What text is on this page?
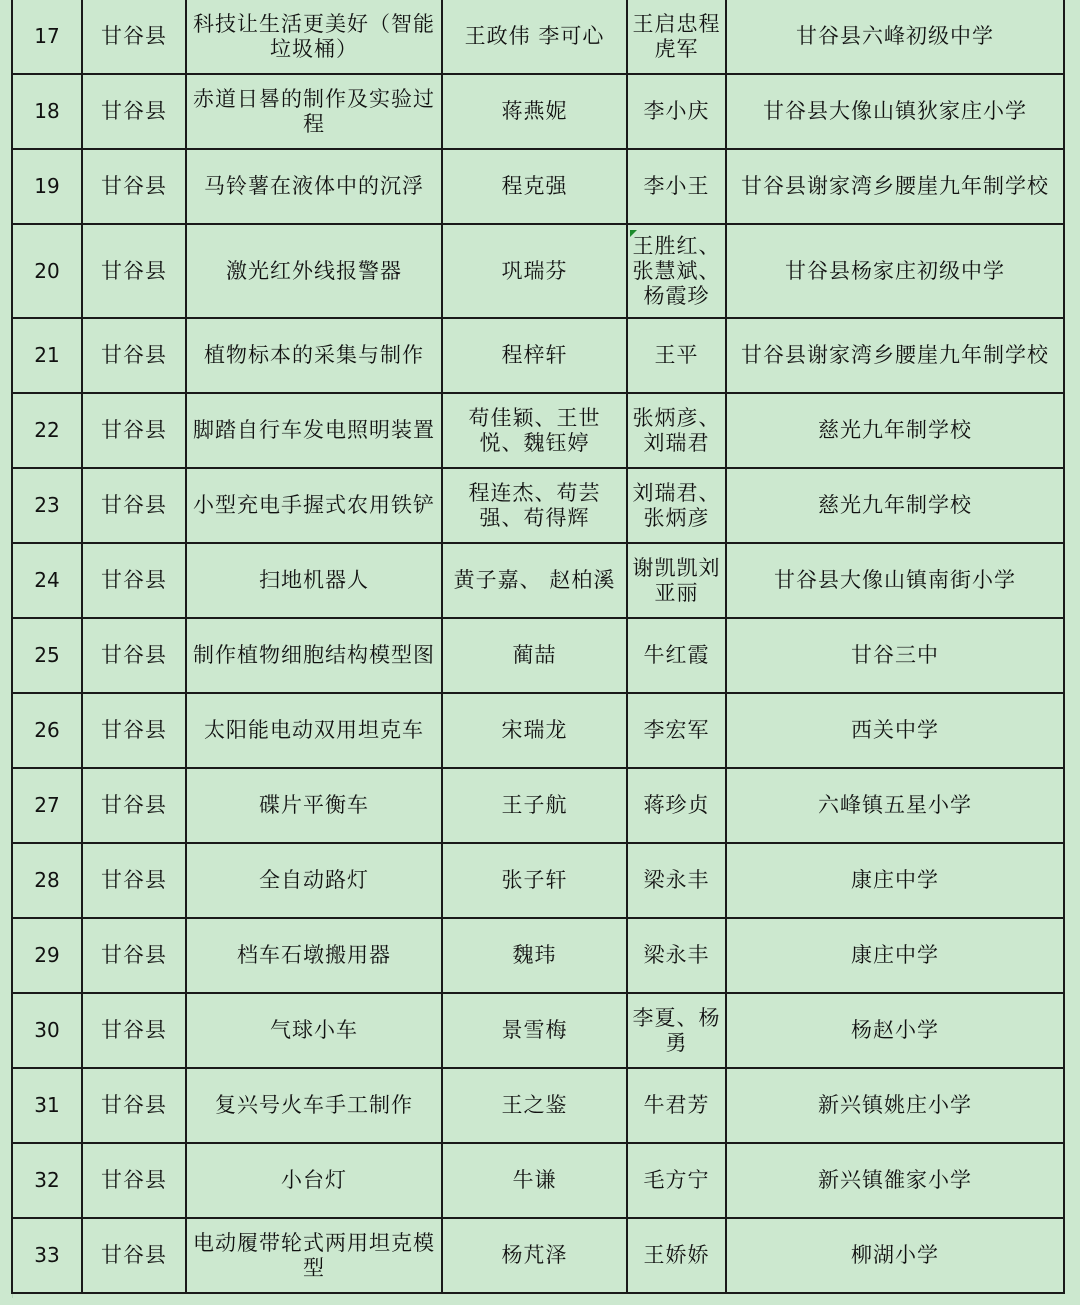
17	甘谷县	科技让生活更美好（智能垃圾桶）	王政伟 李可心	王启忠程虎军	甘谷县六峰初级中学
18	甘谷县	赤道日晷的制作及实验过程	蒋燕妮	李小庆	甘谷县大像山镇狄家庄小学
19	甘谷县	马铃薯在液体中的沉浮	程克强	李小王	甘谷县谢家湾乡腰崖九年制学校
20	甘谷县	激光红外线报警器	巩瑞芬	王胜红、张慧斌、杨霞珍	甘谷县杨家庄初级中学
21	甘谷县	植物标本的采集与制作	程梓轩	王平	甘谷县谢家湾乡腰崖九年制学校
22	甘谷县	脚踏自行车发电照明装置	苟佳颖、王世悦、魏钰婷	张炳彦、刘瑞君	慈光九年制学校
23	甘谷县	小型充电手握式农用铁铲	程连杰、苟芸强、苟得辉	刘瑞君、张炳彦	慈光九年制学校
24	甘谷县	扫地机器人	黄子嘉、 赵柏溪	谢凯凯刘亚丽	甘谷县大像山镇南街小学
25	甘谷县	制作植物细胞结构模型图	蔺喆	牛红霞	甘谷三中
26	甘谷县	太阳能电动双用坦克车	宋瑞龙	李宏军	西关中学
27	甘谷县	碟片平衡车	王子航	蒋珍贞	六峰镇五星小学
28	甘谷县	全自动路灯	张子轩	梁永丰	康庄中学
29	甘谷县	档车石墩搬用器	魏玮	梁永丰	康庄中学
30	甘谷县	气球小车	景雪梅	李夏、杨勇	杨赵小学
31	甘谷县	复兴号火车手工制作	王之鉴	牛君芳	新兴镇姚庄小学
32	甘谷县	小台灯	牛谦	毛方宁	新兴镇雒家小学
33	甘谷县	电动履带轮式两用坦克模型	杨芃泽	王娇娇	柳湖小学
